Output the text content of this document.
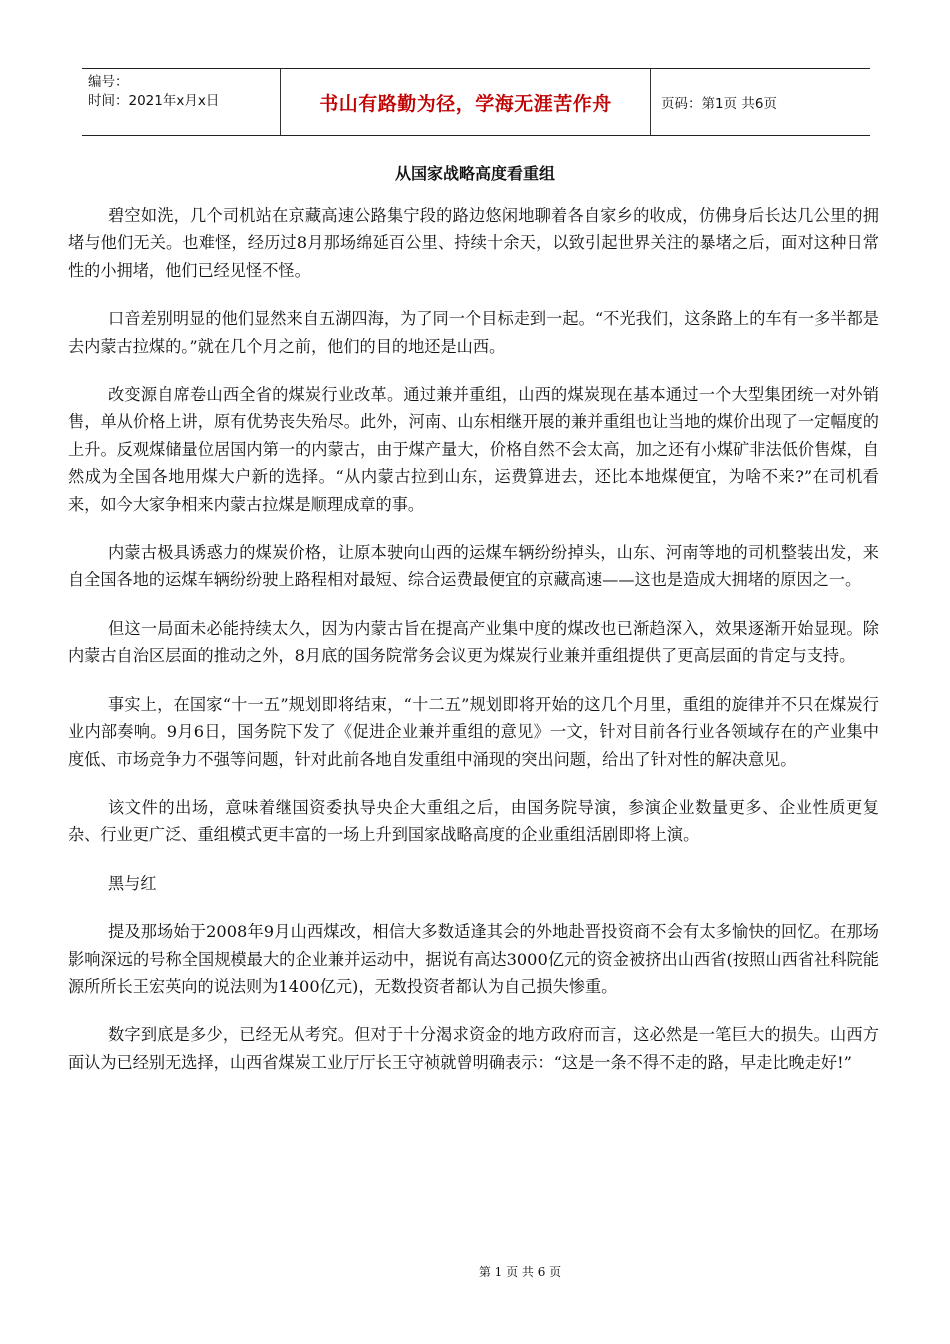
编号：
时间：2021年x月x日	书山有路勤为径，学海无涯苦作舟	页码：第1页 共6页
从国家战略高度看重组

碧空如洗，几个司机站在京藏高速公路集宁段的路边悠闲地聊着各自家乡的收成，仿佛身后长达几公里的拥堵与他们无关。也难怪，经历过8月那场绵延百公里、持续十余天，以致引起世界关注的暴堵之后，面对这种日常性的小拥堵，他们已经见怪不怪。

口音差别明显的他们显然来自五湖四海，为了同一个目标走到一起。“不光我们，这条路上的车有一多半都是去内蒙古拉煤的。”就在几个月之前，他们的目的地还是山西。

改变源自席卷山西全省的煤炭行业改革。通过兼并重组，山西的煤炭现在基本通过一个大型集团统一对外销售，单从价格上讲，原有优势丧失殆尽。此外，河南、山东相继开展的兼并重组也让当地的煤价出现了一定幅度的上升。反观煤储量位居国内第一的内蒙古，由于煤产量大，价格自然不会太高，加之还有小煤矿非法低价售煤，自然成为全国各地用煤大户新的选择。“从内蒙古拉到山东，运费算进去，还比本地煤便宜，为啥不来?”在司机看来，如今大家争相来内蒙古拉煤是顺理成章的事。

内蒙古极具诱惑力的煤炭价格，让原本驶向山西的运煤车辆纷纷掉头，山东、河南等地的司机整装出发，来自全国各地的运煤车辆纷纷驶上路程相对最短、综合运费最便宜的京藏高速——这也是造成大拥堵的原因之一。

但这一局面未必能持续太久，因为内蒙古旨在提高产业集中度的煤改也已渐趋深入，效果逐渐开始显现。除内蒙古自治区层面的推动之外，8月底的国务院常务会议更为煤炭行业兼并重组提供了更高层面的肯定与支持。

事实上，在国家“十一五”规划即将结束，“十二五”规划即将开始的这几个月里，重组的旋律并不只在煤炭行业内部奏响。9月6日，国务院下发了《促进企业兼并重组的意见》一文，针对目前各行业各领域存在的产业集中度低、市场竞争力不强等问题，针对此前各地自发重组中涌现的突出问题，给出了针对性的解决意见。

该文件的出场，意味着继国资委执导央企大重组之后，由国务院导演，参演企业数量更多、企业性质更复杂、行业更广泛、重组模式更丰富的一场上升到国家战略高度的企业重组活剧即将上演。

黑与红

提及那场始于2008年9月山西煤改，相信大多数适逢其会的外地赴晋投资商不会有太多愉快的回忆。在那场影响深远的号称全国规模最大的企业兼并运动中，据说有高达3000亿元的资金被挤出山西省(按照山西省社科院能源所所长王宏英向的说法则为1400亿元)，无数投资者都认为自己损失惨重。

数字到底是多少，已经无从考究。但对于十分渴求资金的地方政府而言，这必然是一笔巨大的损失。山西方面认为已经别无选择，山西省煤炭工业厅厅长王守祯就曾明确表示：“这是一条不得不走的路，早走比晚走好!”

第 1 页 共 6 页
